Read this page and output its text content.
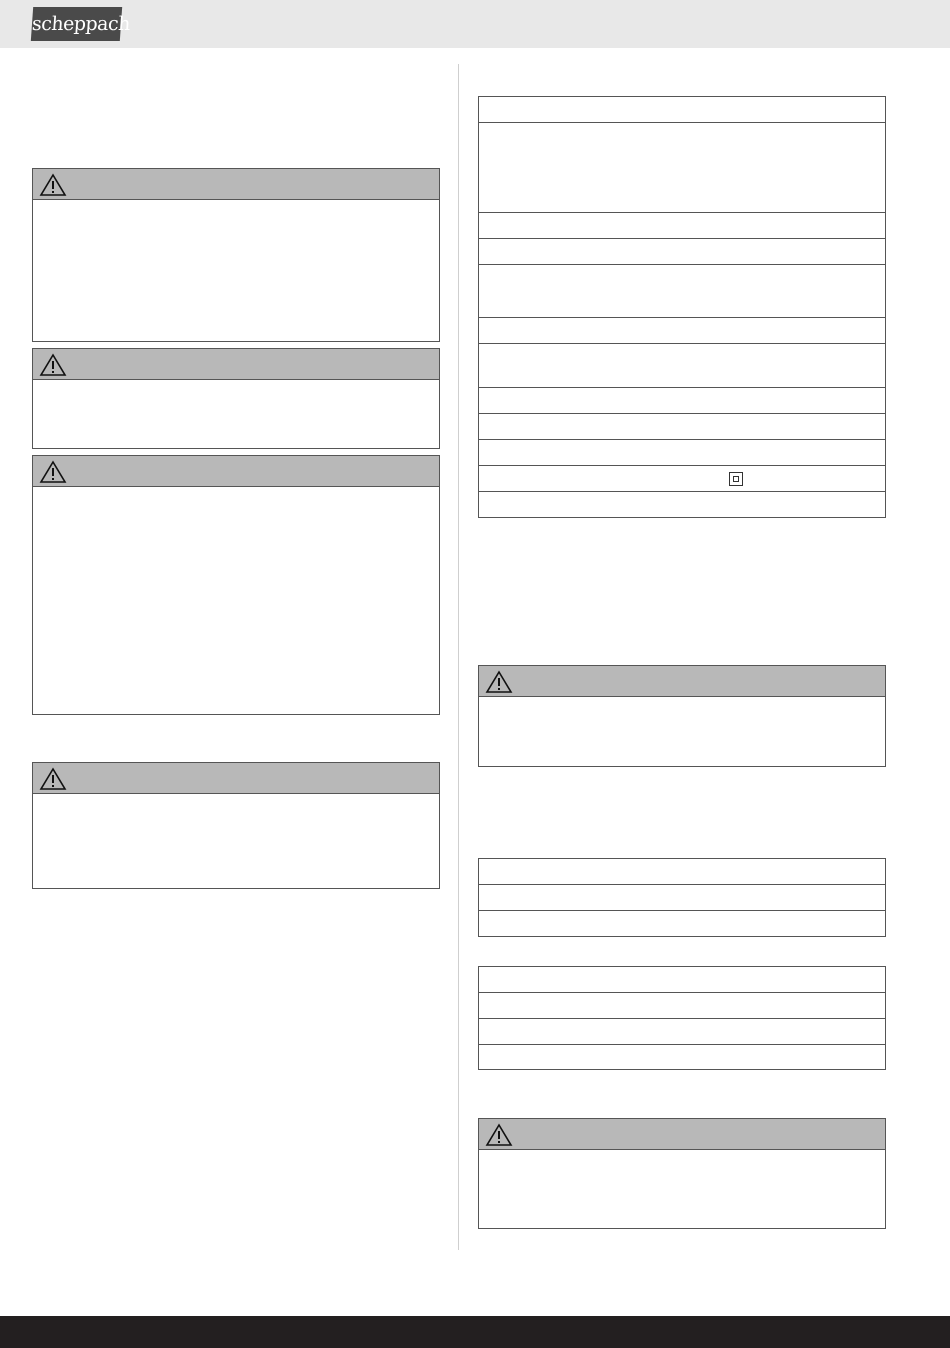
scheppach
